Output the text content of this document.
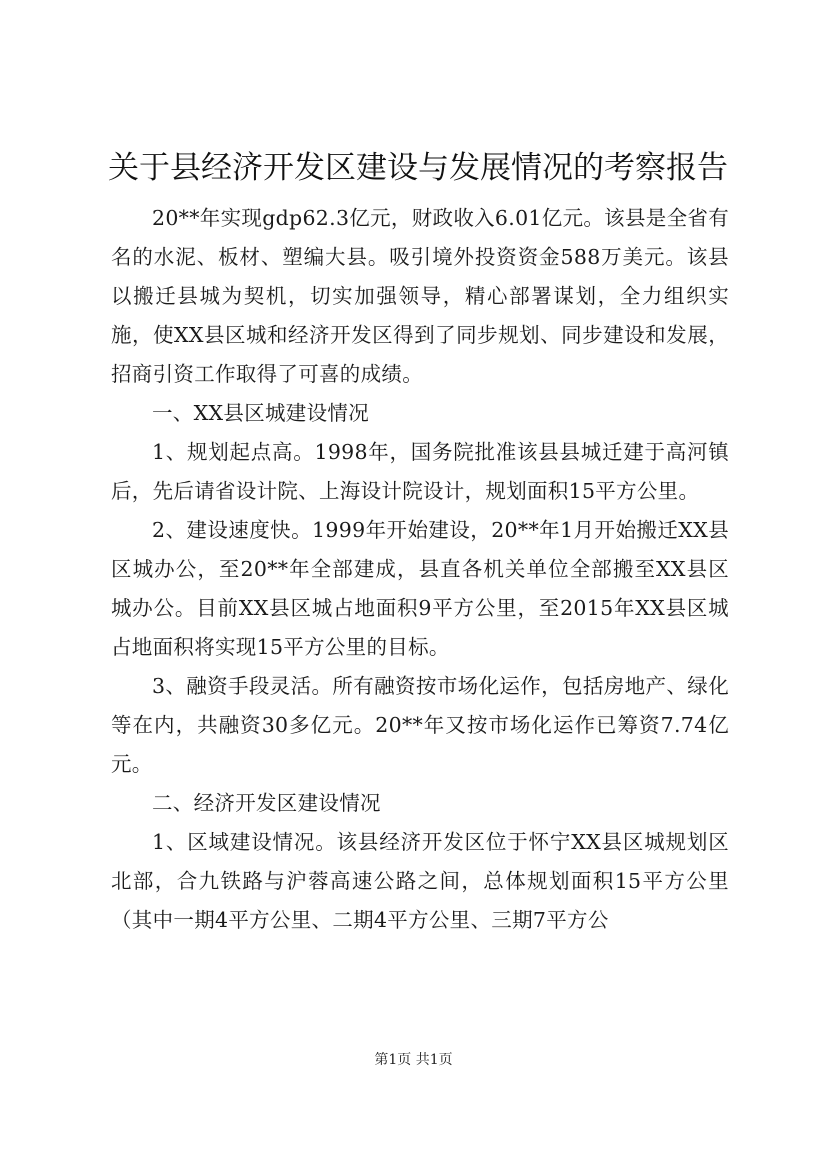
关于县经济开发区建设与发展情况的考察报告

20**年实现gdp62.3亿元，财政收入6.01亿元。该县是全省有名的水泥、板材、塑编大县。吸引境外投资资金588万美元。该县以搬迁县城为契机，切实加强领导，精心部署谋划，全力组织实施，使XX县区城和经济开发区得到了同步规划、同步建设和发展，招商引资工作取得了可喜的成绩。

一、XX县区城建设情况

1、规划起点高。1998年，国务院批准该县县城迁建于高河镇后，先后请省设计院、上海设计院设计，规划面积15平方公里。

2、建设速度快。1999年开始建设，20**年1月开始搬迁XX县区城办公，至20**年全部建成，县直各机关单位全部搬至XX县区城办公。目前XX县区城占地面积9平方公里，至2015年XX县区城占地面积将实现15平方公里的目标。

3、融资手段灵活。所有融资按市场化运作，包括房地产、绿化等在内，共融资30多亿元。20**年又按市场化运作已筹资7.74亿元。

二、经济开发区建设情况

1、区域建设情况。该县经济开发区位于怀宁XX县区城规划区北部，合九铁路与沪蓉高速公路之间，总体规划面积15平方公里（其中一期4平方公里、二期4平方公里、三期7平方公

第1页 共1页
